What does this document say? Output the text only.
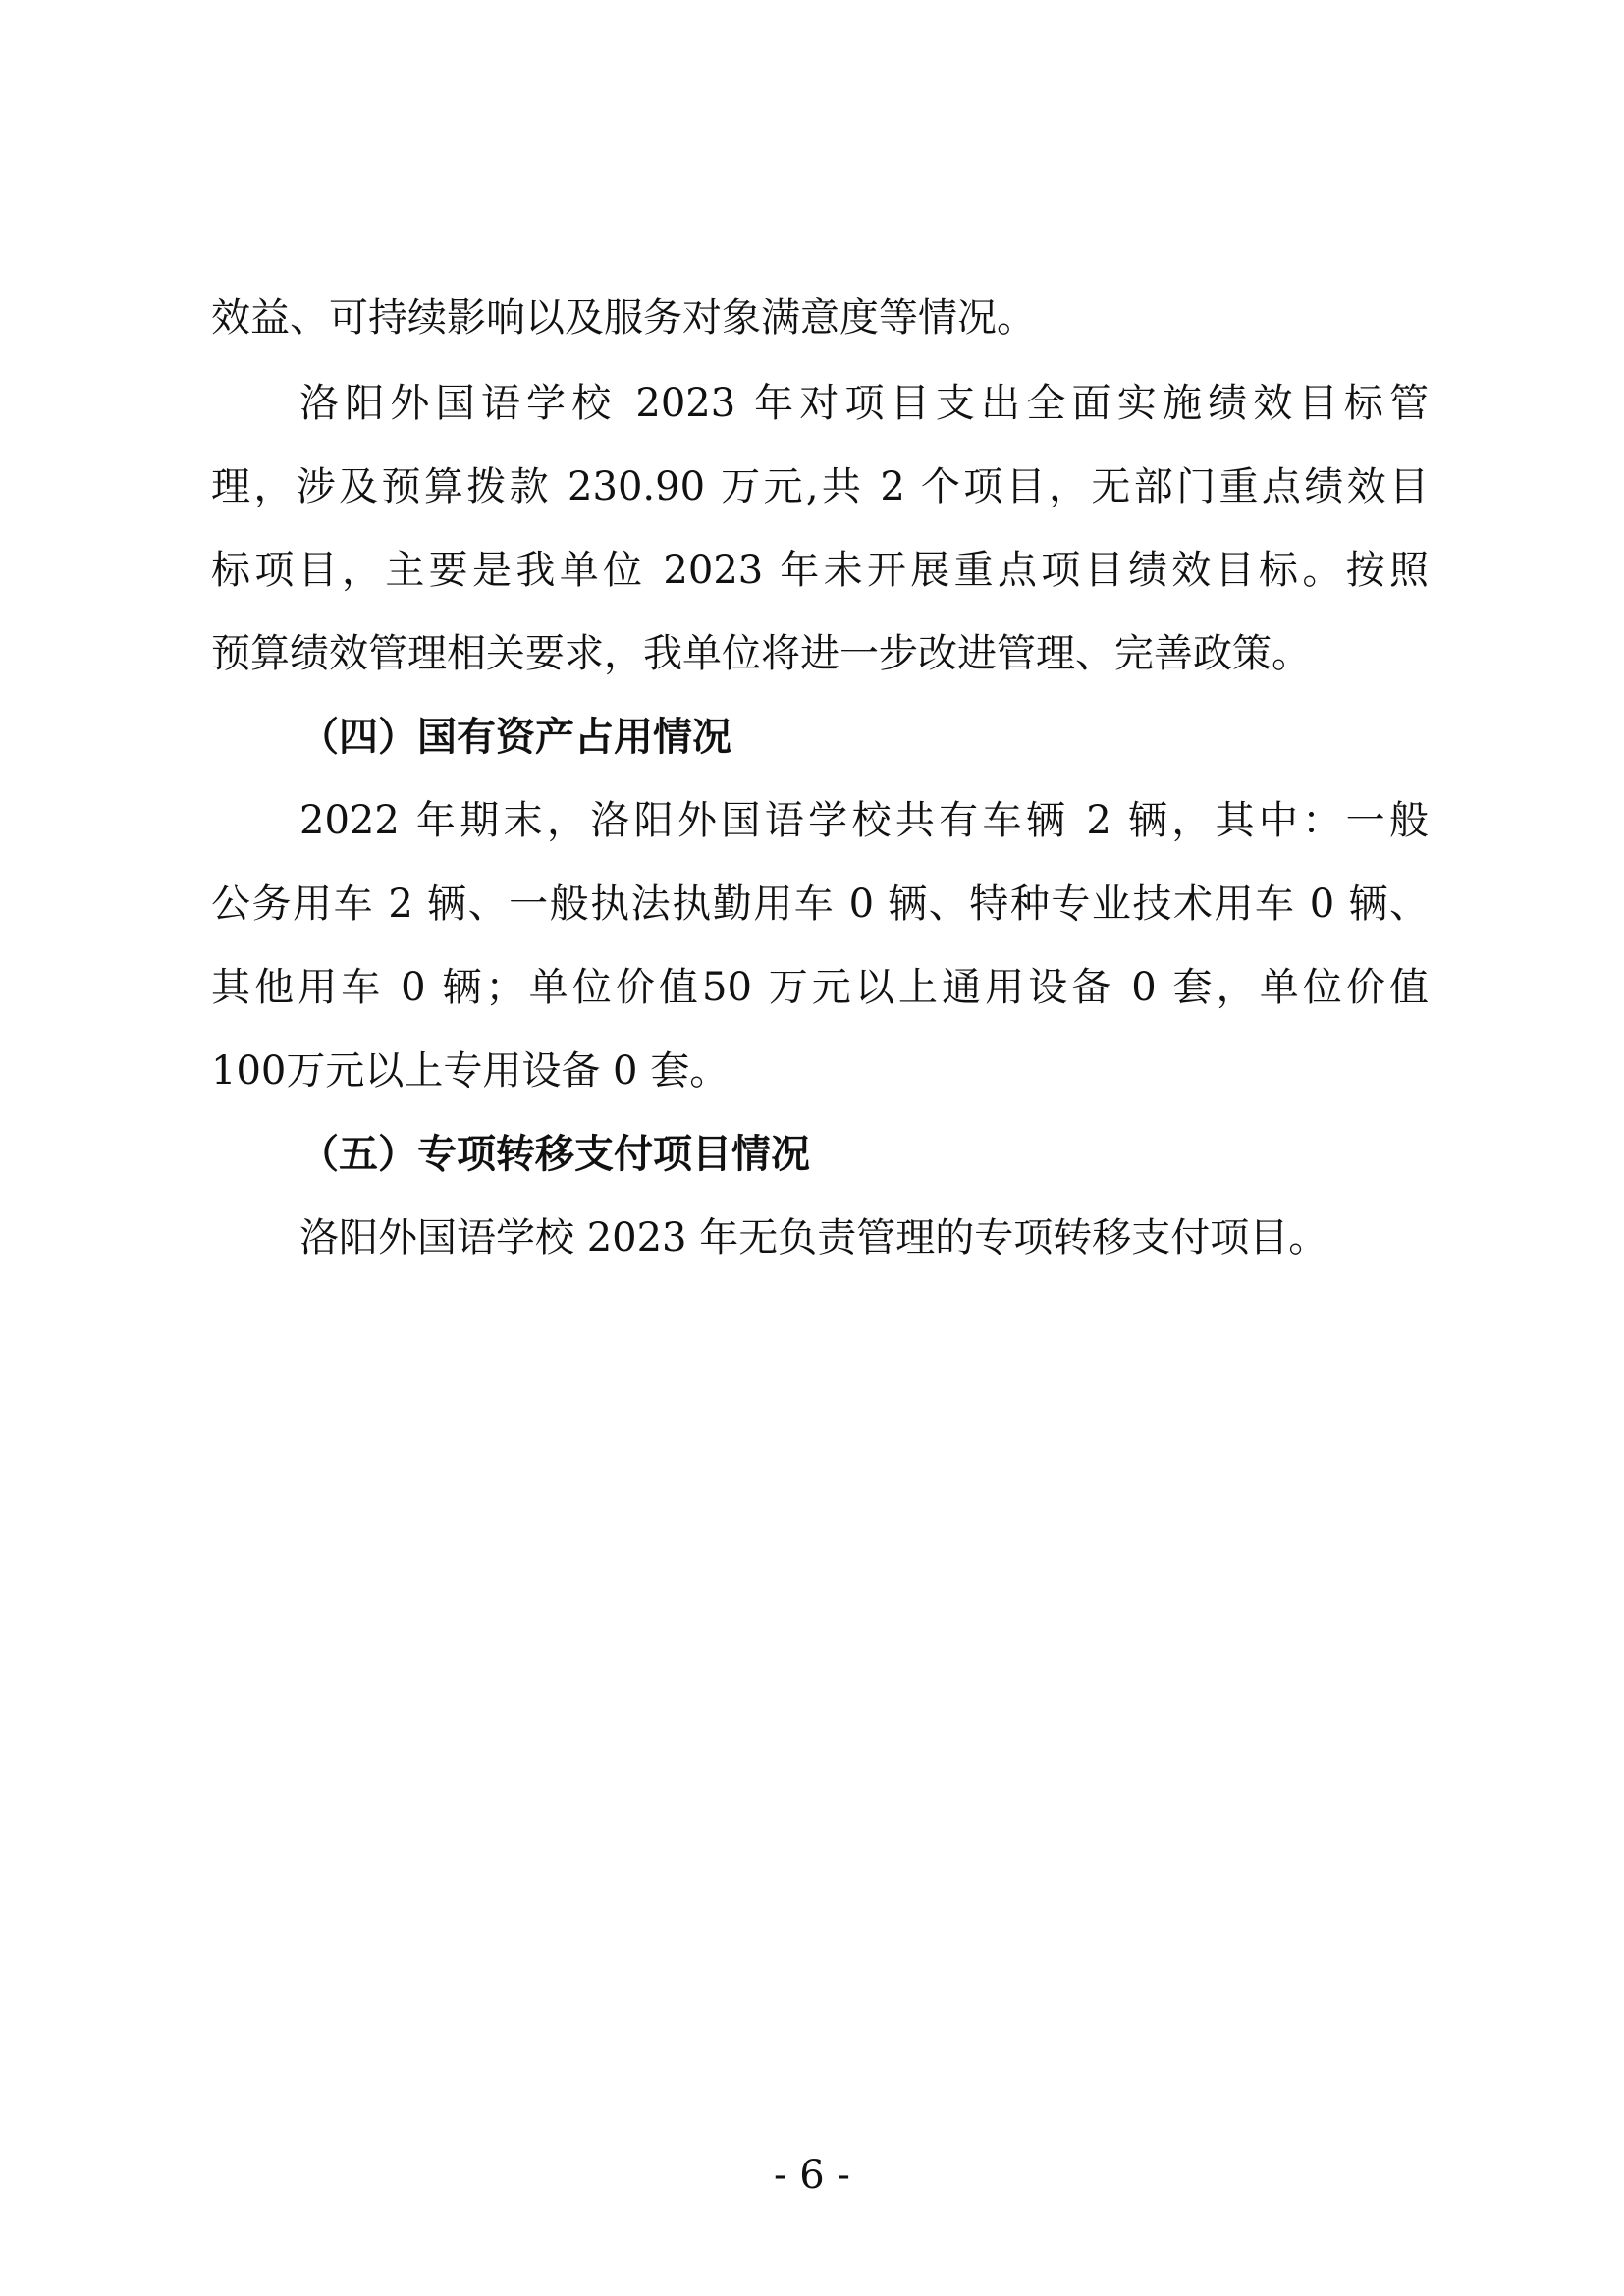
效益、可持续影响以及服务对象满意度等情况。
洛阳外国语学校 2023 年对项目支出全面实施绩效目标管
理，涉及预算拨款 230.90 万元,共 2 个项目，无部门重点绩效目
标项目，主要是我单位 2023 年未开展重点项目绩效目标。按照
预算绩效管理相关要求，我单位将进一步改进管理、完善政策。
（四）国有资产占用情况
2022 年期末，洛阳外国语学校共有车辆 2 辆，其中：一般
公务用车 2 辆、一般执法执勤用车 0 辆、特种专业技术用车 0 辆、
其他用车 0 辆；单位价值50 万元以上通用设备 0 套，单位价值
100万元以上专用设备 0 套。
（五）专项转移支付项目情况
洛阳外国语学校 2023 年无负责管理的专项转移支付项目。
- 6 -
